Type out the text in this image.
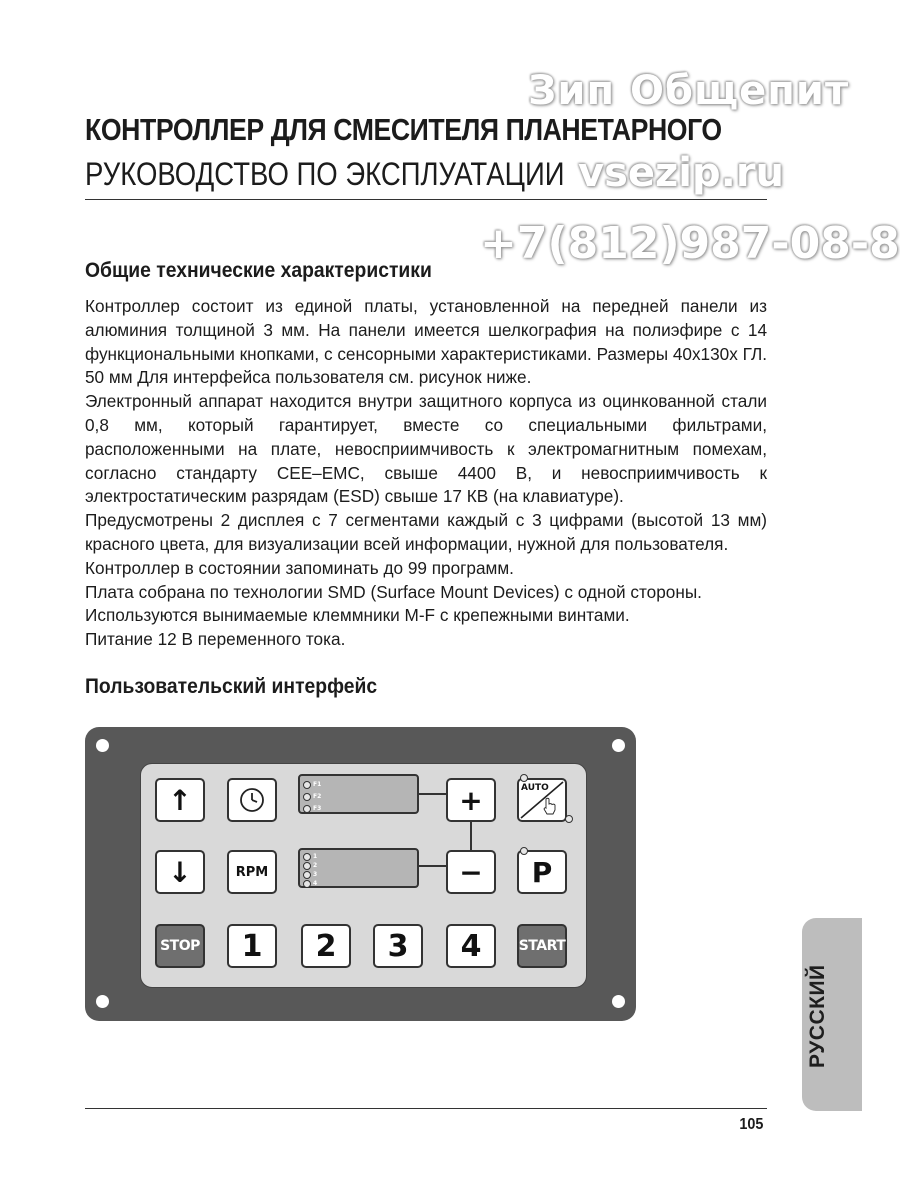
Зип Общепит
vsezip.ru
+7(812)987-08-8
КОНТРОЛЛЕР ДЛЯ СМЕСИТЕЛЯ ПЛАНЕТАРНОГО
РУКОВОДСТВО ПО ЭКСПЛУАТАЦИИ
Общие технические характеристики

Контроллер состоит из единой платы, установленной на передней панели из алюминия толщиной 3 мм. На панели имеется шелкография на полиэфире с 14 функциональными кнопками, с сенсорными характеристиками. Размеры 40х130х ГЛ. 50 мм Для интерфейса пользователя см. рисунок ниже.

Электронный аппарат находится внутри защитного корпуса из оцинкованной стали 0,8 мм, который гарантирует, вместе со специальными фильтрами, расположенными на плате, невосприимчивость к электромагнитным помехам, согласно стандарту СЕЕ–ЕМС, свыше 4400 В, и невосприимчивость к электростатическим разрядам (ESD) свыше 17 КВ (на клавиатуре).

Предусмотрены 2 дисплея с 7 сегментами каждый с 3 цифрами (высотой 13 мм) красного цвета, для визуализации всей информации, нужной для пользователя.

Контроллер в состоянии запоминать до 99 программ.

Плата собрана по технологии SMD (Surface Mount Devices) с одной стороны.

Используются вынимаемые клеммники M-F с крепежными винтами.

Питание 12 В переменного тока.

Пользовательский интерфейс
↑	F1
F2
F3	+	AUTO
↓	RPM
1
2
3
4	−	P
STOP	1	2	3	4	START
105
РУССКИЙ
